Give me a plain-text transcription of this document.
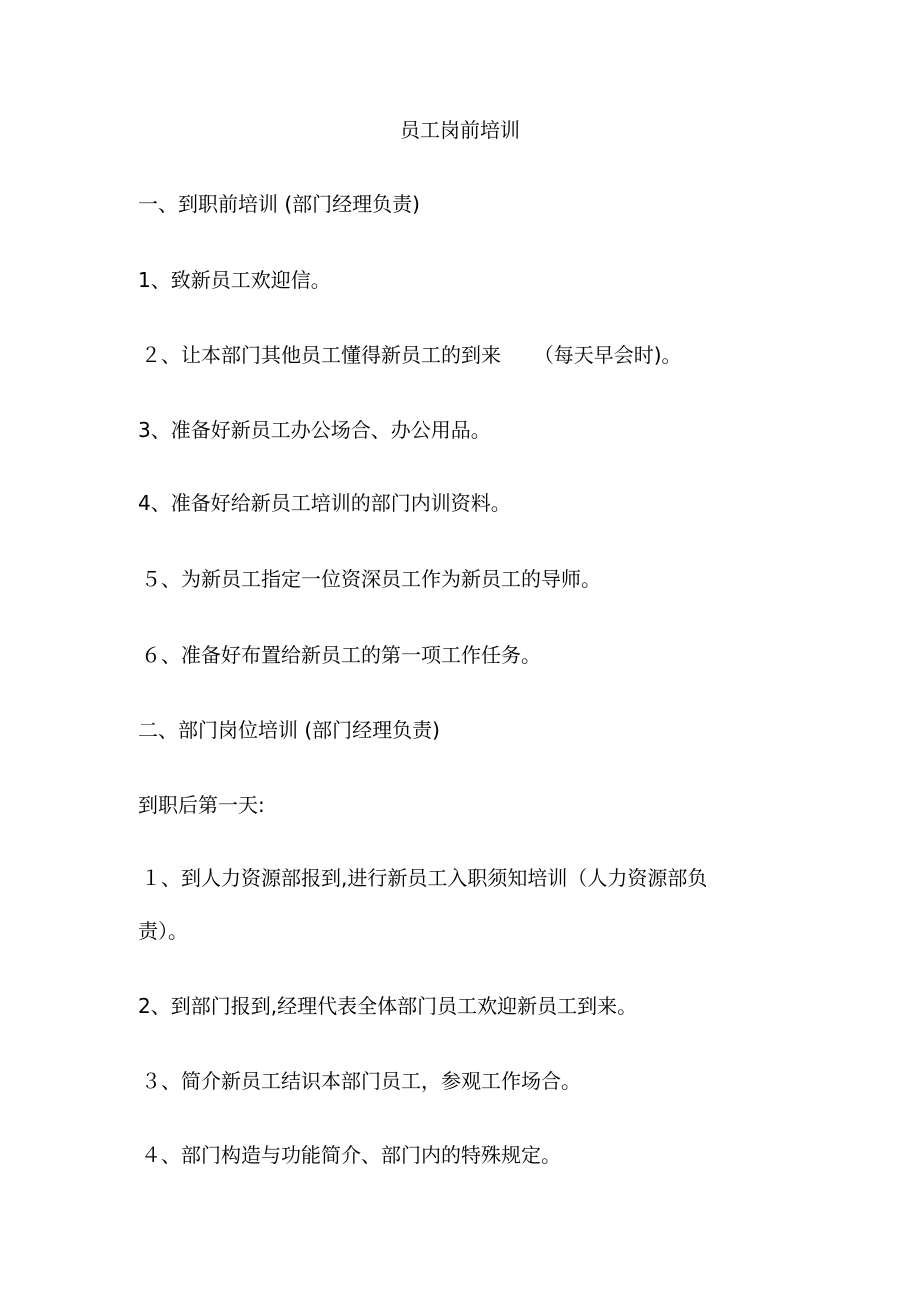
员工岗前培训
一、到职前培训 (部门经理负责)
1、致新员工欢迎信。
２、让本部门其他员工懂得新员工的到来 　 （每天早会时)。
3、准备好新员工办公场合、办公用品。
4、准备好给新员工培训的部门内训资料。
５、为新员工指定一位资深员工作为新员工的导师。
６、准备好布置给新员工的第一项工作任务。
二、部门岗位培训 (部门经理负责)
到职后第一天:
１、到人力资源部报到,进行新员工入职须知培训（人力资源部负
责）。
2、到部门报到,经理代表全体部门员工欢迎新员工到来。
３、简介新员工结识本部门员工，参观工作场合。
４、部门构造与功能简介、部门内的特殊规定。
